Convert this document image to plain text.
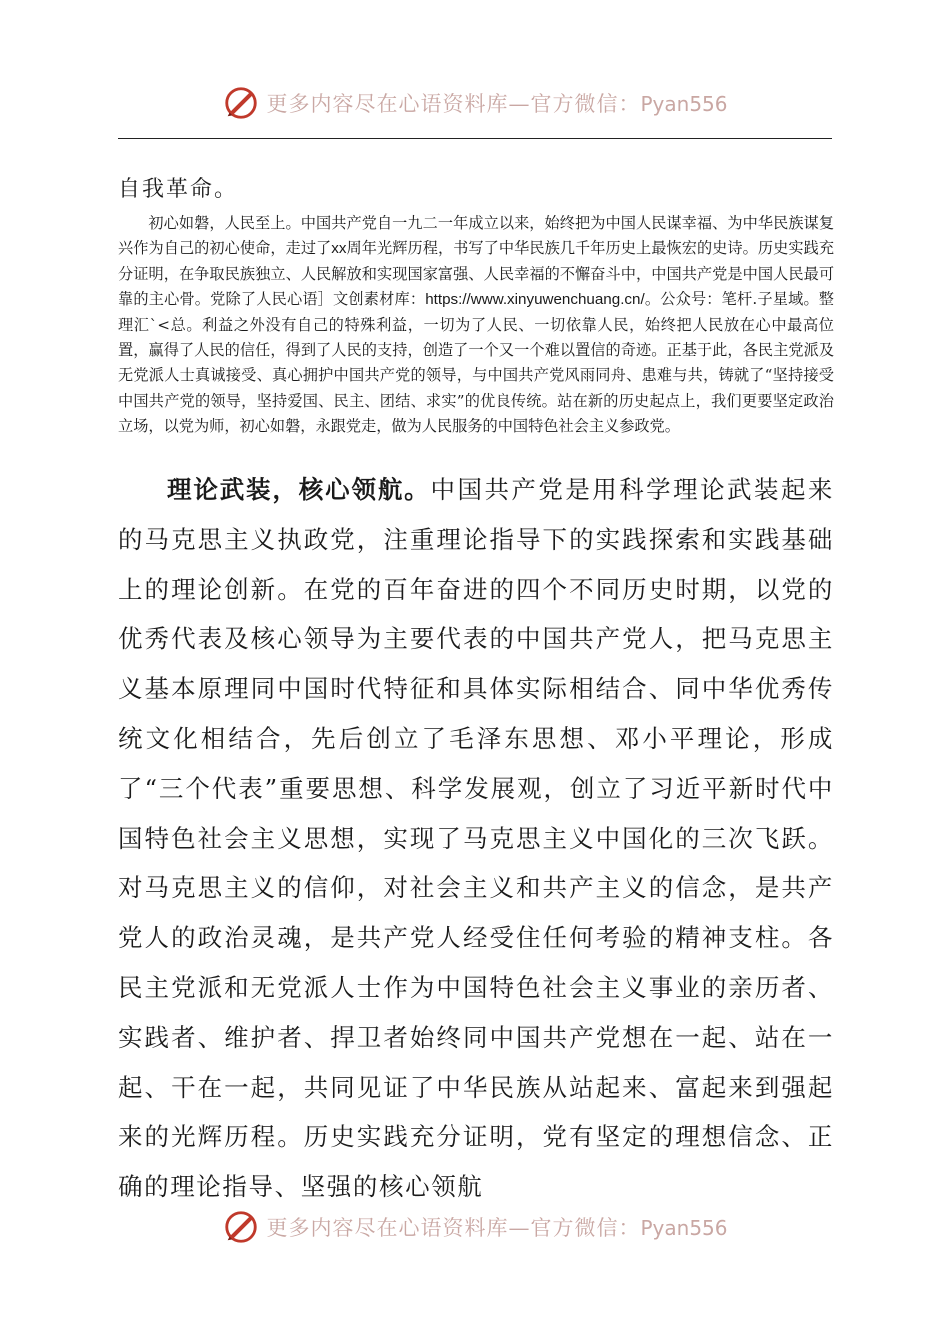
更多内容尽在心语资料库—官方微信：Pyan556
自我革命。
初心如磐，人民至上。中国共产党自一九二一年成立以来，始终把为中国人民谋幸福、为中华民族谋复兴作为自己的初心使命，走过了xx周年光辉历程，书写了中华民族几千年历史上最恢宏的史诗。历史实践充分证明，在争取民族独立、人民解放和实现国家富强、人民幸福的不懈奋斗中，中国共产党是中国人民最可靠的主心骨。党除了人民心语］文创素材库：https://www.xinyuwenchuang.cn/。公众号：笔杆.子星域。整理汇`<总。利益之外没有自己的特殊利益，一切为了人民、一切依靠人民，始终把人民放在心中最高位置，赢得了人民的信任，得到了人民的支持，创造了一个又一个难以置信的奇迹。正基于此，各民主党派及无党派人士真诚接受、真心拥护中国共产党的领导，与中国共产党风雨同舟、患难与共，铸就了“坚持接受中国共产党的领导，坚持爱国、民主、团结、求实”的优良传统。站在新的历史起点上，我们更要坚定政治立场，以党为师，初心如磐，永跟党走，做为人民服务的中国特色社会主义参政党。
理论武装，核心领航。中国共产党是用科学理论武装起来的马克思主义执政党，注重理论指导下的实践探索和实践基础上的理论创新。在党的百年奋进的四个不同历史时期，以党的优秀代表及核心领导为主要代表的中国共产党人，把马克思主义基本原理同中国时代特征和具体实际相结合、同中华优秀传统文化相结合，先后创立了毛泽东思想、邓小平理论，形成了“三个代表”重要思想、科学发展观，创立了习近平新时代中国特色社会主义思想，实现了马克思主义中国化的三次飞跃。对马克思主义的信仰，对社会主义和共产主义的信念，是共产党人的政治灵魂，是共产党人经受住任何考验的精神支柱。各民主党派和无党派人士作为中国特色社会主义事业的亲历者、实践者、维护者、捍卫者始终同中国共产党想在一起、站在一起、干在一起，共同见证了中华民族从站起来、富起来到强起来的光辉历程。历史实践充分证明，党有坚定的理想信念、正确的理论指导、坚强的核心领航
更多内容尽在心语资料库—官方微信：Pyan556
